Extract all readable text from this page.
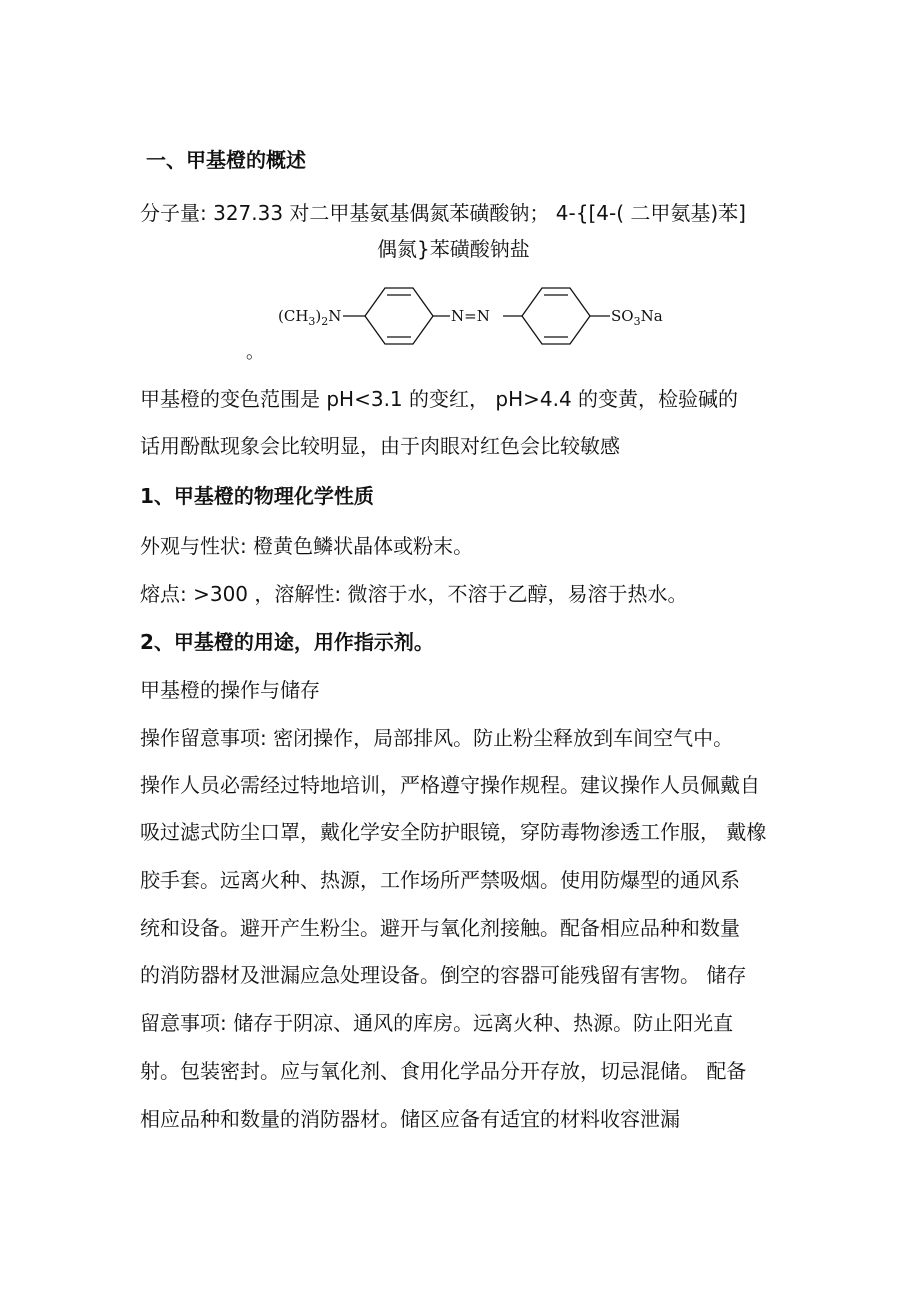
一、甲基橙的概述
分子量: 327.33 对二甲基氨基偶氮苯磺酸钠； 4-{[4-( 二甲氨基)苯]
偶氮}苯磺酸钠盐
$(CH_3)_2N$	N=N	$SO_3Na$
。
甲基橙的变色范围是 pH<3.1 的变红， pH>4.4 的变黄，检验碱的
话用酚酞现象会比较明显，由于肉眼对红色会比较敏感
1、甲基橙的物理化学性质
外观与性状: 橙黄色鳞状晶体或粉末。
熔点: >300 ，溶解性: 微溶于水，不溶于乙醇，易溶于热水。
2、甲基橙的用途，用作指示剂。
甲基橙的操作与储存
操作留意事项: 密闭操作，局部排风。防止粉尘释放到车间空气中。
操作人员必需经过特地培训，严格遵守操作规程。建议操作人员佩戴自
吸过滤式防尘口罩，戴化学安全防护眼镜，穿防毒物渗透工作服， 戴橡
胶手套。远离火种、热源，工作场所严禁吸烟。使用防爆型的通风系
统和设备。避开产生粉尘。避开与氧化剂接触。配备相应品种和数量
的消防器材及泄漏应急处理设备。倒空的容器可能残留有害物。 储存
留意事项: 储存于阴凉、通风的库房。远离火种、热源。防止阳光直
射。包装密封。应与氧化剂、食用化学品分开存放，切忌混储。 配备
相应品种和数量的消防器材。储区应备有适宜的材料收容泄漏
